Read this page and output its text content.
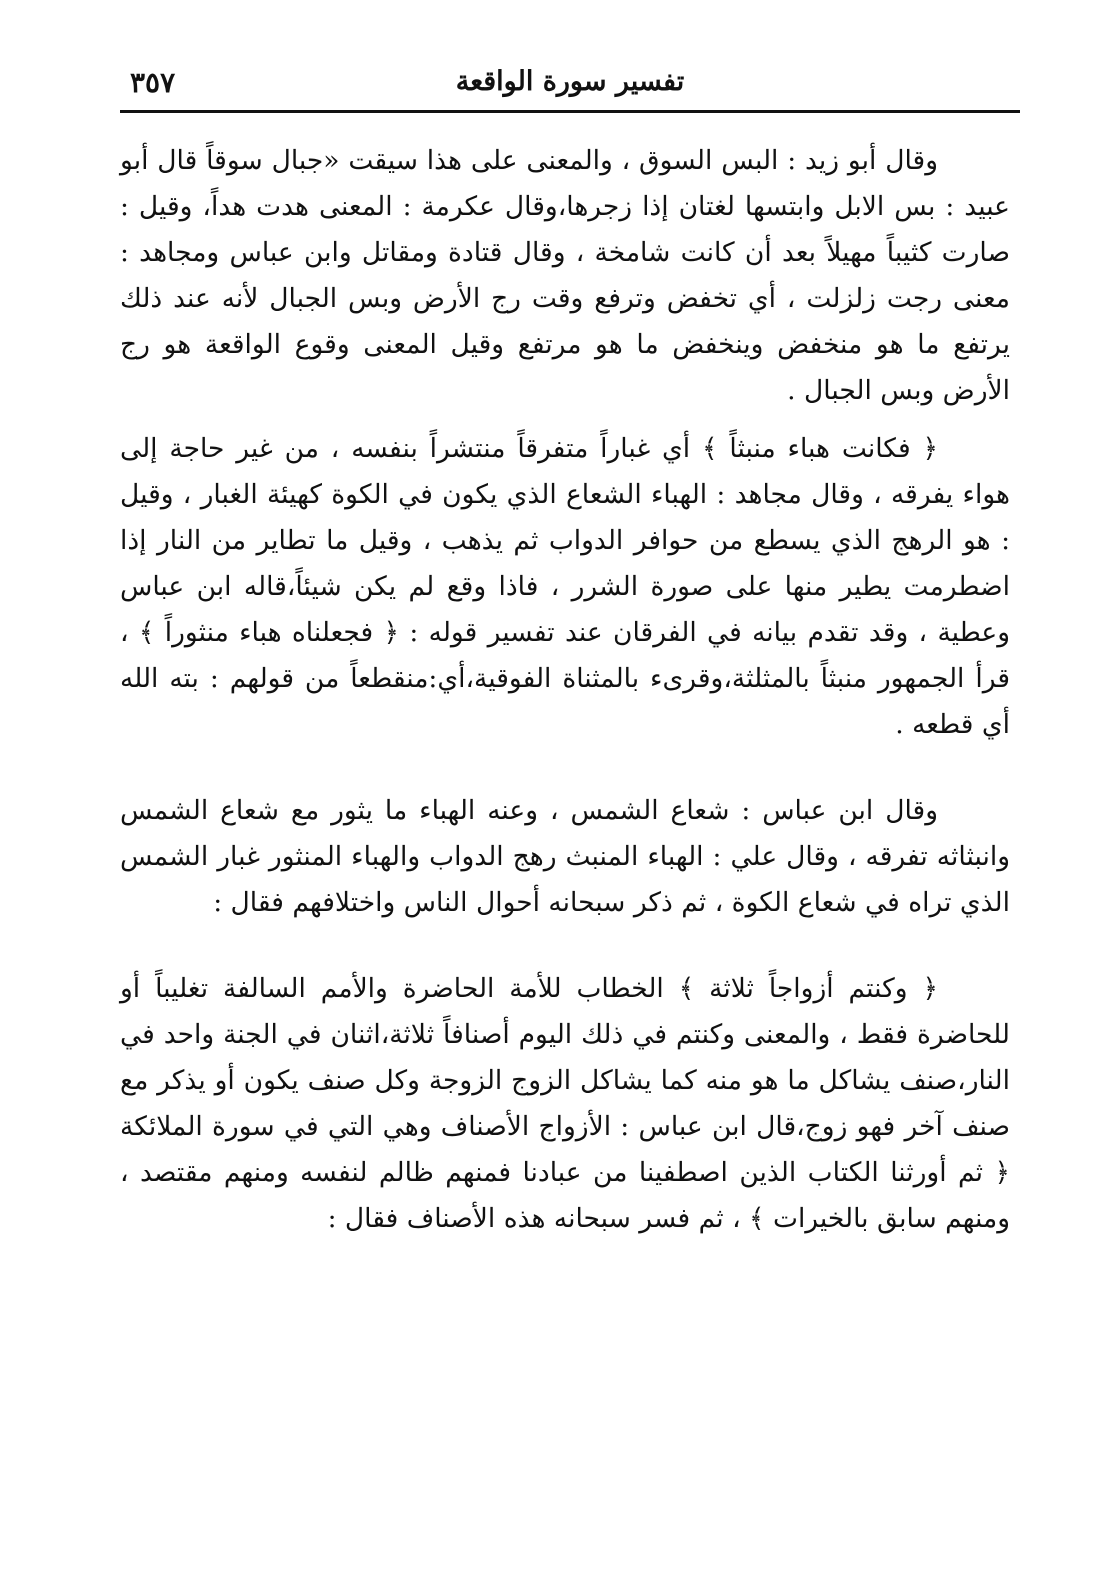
تفسير سورة الواقعة
٣٥٧

وقال أبو زيد : البس السوق ، والمعنى على هذا سيقت «جبال سوقاً قال أبو عبيد : بس الابل وابتسها لغتان إذا زجرها،وقال عكرمة : المعنى هدت هداً، وقيل : صارت كثيباً مهيلاً بعد أن كانت شامخة ، وقال قتادة ومقاتل وابن عباس ومجاهد : معنى رجت زلزلت ، أي تخفض وترفع وقت رج الأرض وبس الجبال لأنه عند ذلك يرتفع ما هو منخفض وينخفض ما هو مرتفع وقيل المعنى وقوع الواقعة هو رج الأرض وبس الجبال .

﴿ فكانت هباء منبثاً ﴾ أي غباراً متفرقاً منتشراً بنفسه ، من غير حاجة إلى هواء يفرقه ، وقال مجاهد : الهباء الشعاع الذي يكون في الكوة كهيئة الغبار ، وقيل : هو الرهج الذي يسطع من حوافر الدواب ثم يذهب ، وقيل ما تطاير من النار إذا اضطرمت يطير منها على صورة الشرر ، فاذا وقع لم يكن شيئاً،قاله ابن عباس وعطية ، وقد تقدم بيانه في الفرقان عند تفسير قوله : ﴿ فجعلناه هباء منثوراً ﴾ ، قرأ الجمهور منبثاً بالمثلثة،وقرىء بالمثناة الفوقية،أي:منقطعاً من قولهم : بته الله أي قطعه .

وقال ابن عباس : شعاع الشمس ، وعنه الهباء ما يثور مع شعاع الشمس وانبثاثه تفرقه ، وقال علي : الهباء المنبث رهج الدواب والهباء المنثور غبار الشمس الذي تراه في شعاع الكوة ، ثم ذكر سبحانه أحوال الناس واختلافهم فقال :

﴿ وكنتم أزواجاً ثلاثة ﴾ الخطاب للأمة الحاضرة والأمم السالفة تغليباً أو للحاضرة فقط ، والمعنى وكنتم في ذلك اليوم أصنافاً ثلاثة،اثنان في الجنة واحد في النار،صنف يشاكل ما هو منه كما يشاكل الزوج الزوجة وكل صنف يكون أو يذكر مع صنف آخر فهو زوج،قال ابن عباس : الأزواج الأصناف وهي التي في سورة الملائكة ﴿ ثم أورثنا الكتاب الذين اصطفينا من عبادنا فمنهم ظالم لنفسه ومنهم مقتصد ، ومنهم سابق بالخيرات ﴾ ، ثم فسر سبحانه هذه الأصناف فقال :
